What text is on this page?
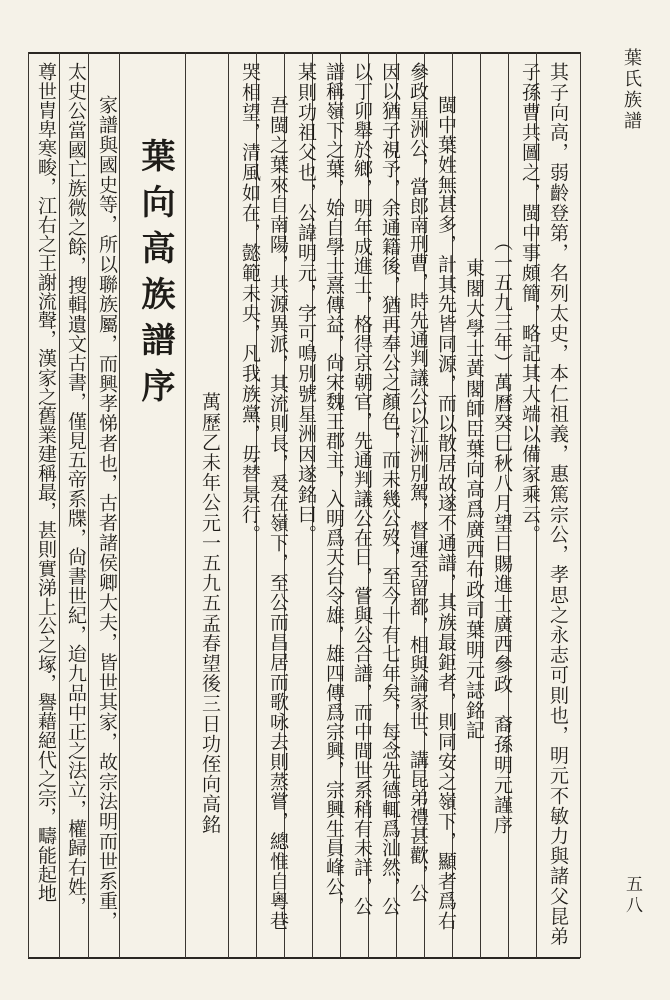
葉氏族譜
五八
其子向高，弱齡登第，名列太史，本仁祖義，惠篤宗公，孝思之永志可則也，明元不敏力與諸父昆弟
子孫曹共圖之，閩中事頗簡，略記其大端以備家乘云。
（一五九三年）萬曆癸巳秋八月望日賜進士廣西參政　裔孫明元謹序
東閣大學士黃閣師臣葉向高爲廣西布政司葉明元誌銘記
閩中葉姓無甚多，計其先皆同源，而以散居故遂不通譜，其族最鉅者，則同安之嶺下，顯者爲右
參政星洲公，當郎南刑曹，時先通判議公以江洲別駕，督運至留都，相與論家世、講昆弟禮甚歡，公
因以猶子視予，余通籍後，猶再奉公之顏色，而未幾公歿，至今十有七年矣，每念先德輒爲汕然，公
以丁卯舉於鄉，明年成進士，格得京朝官，先通判議公在日，嘗與公合譜，而中間世系稍有未詳，公
譜稱嶺下之葉，始自學士熹傳益，尙宋魏王郡主，入明爲天台令雄，雄四傳爲宗興，宗興生員峰公，
某則功祖父也，公諱明元，字可鳴別號星洲因遂銘曰。
吾閩之葉來自南陽，共源異派，其流則長，爰在嶺下，至公而昌居而歌咏去則蒸嘗，總惟自粵巷
哭相望，清風如在，懿範未央，凡我族黨，毋替景行。
萬歷乙未年公元一五九五孟春望後三日功侄向高銘
葉向高族譜序
家譜與國史等，所以聯族屬，而興孝悌者也，古者諸侯卿大夫，皆世其家，故宗法明而世系重，
太史公當國亡族微之餘，搜輯遺文古書，僅見五帝系牒，尙書世紀，迨九品中正之法立，權歸右姓，
尊世胄卑寒畯，江右之王謝流聲，漢家之舊業建稱最，甚則實涕上公之塚，譽藉絕代之宗，疇能起地
